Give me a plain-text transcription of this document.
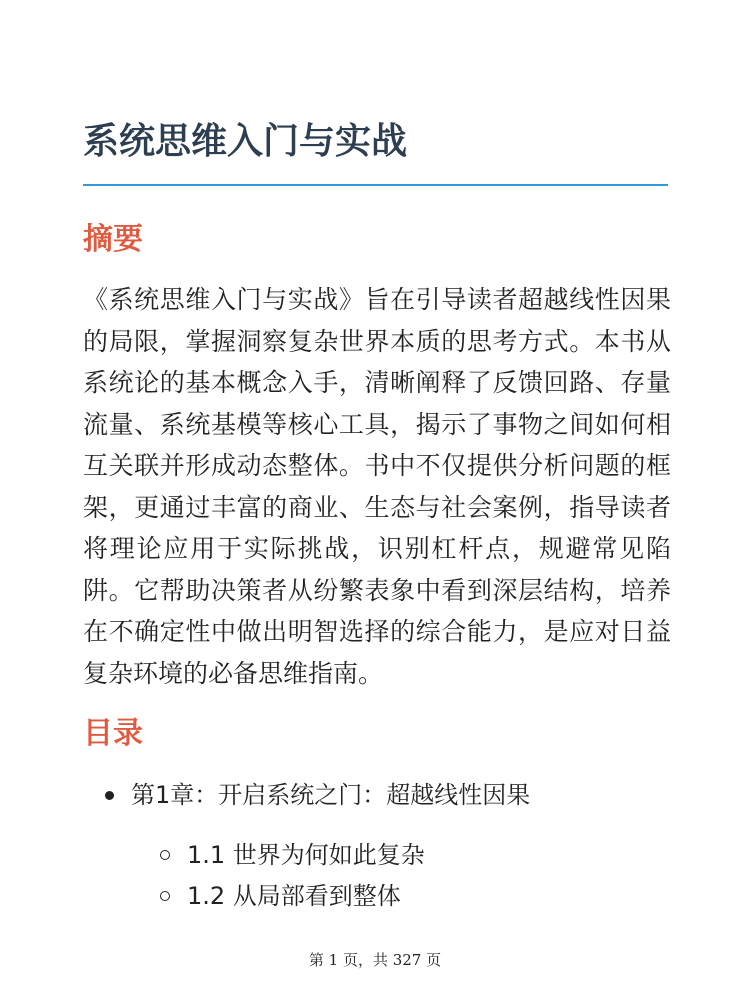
系统思维入门与实战
摘要

《系统思维入门与实战》旨在引导读者超越线性因果的局限，掌握洞察复杂世界本质的思考方式。本书从系统论的基本概念入手，清晰阐释了反馈回路、存量流量、系统基模等核心工具，揭示了事物之间如何相互关联并形成动态整体。书中不仅提供分析问题的框架，更通过丰富的商业、生态与社会案例，指导读者将理论应用于实际挑战，识别杠杆点，规避常见陷阱。它帮助决策者从纷繁表象中看到深层结构，培养在不确定性中做出明智选择的综合能力，是应对日益复杂环境的必备思维指南。

目录
第1章：开启系统之门：超越线性因果
1.1 世界为何如此复杂
1.2 从局部看到整体
第 1 页，共 327 页
